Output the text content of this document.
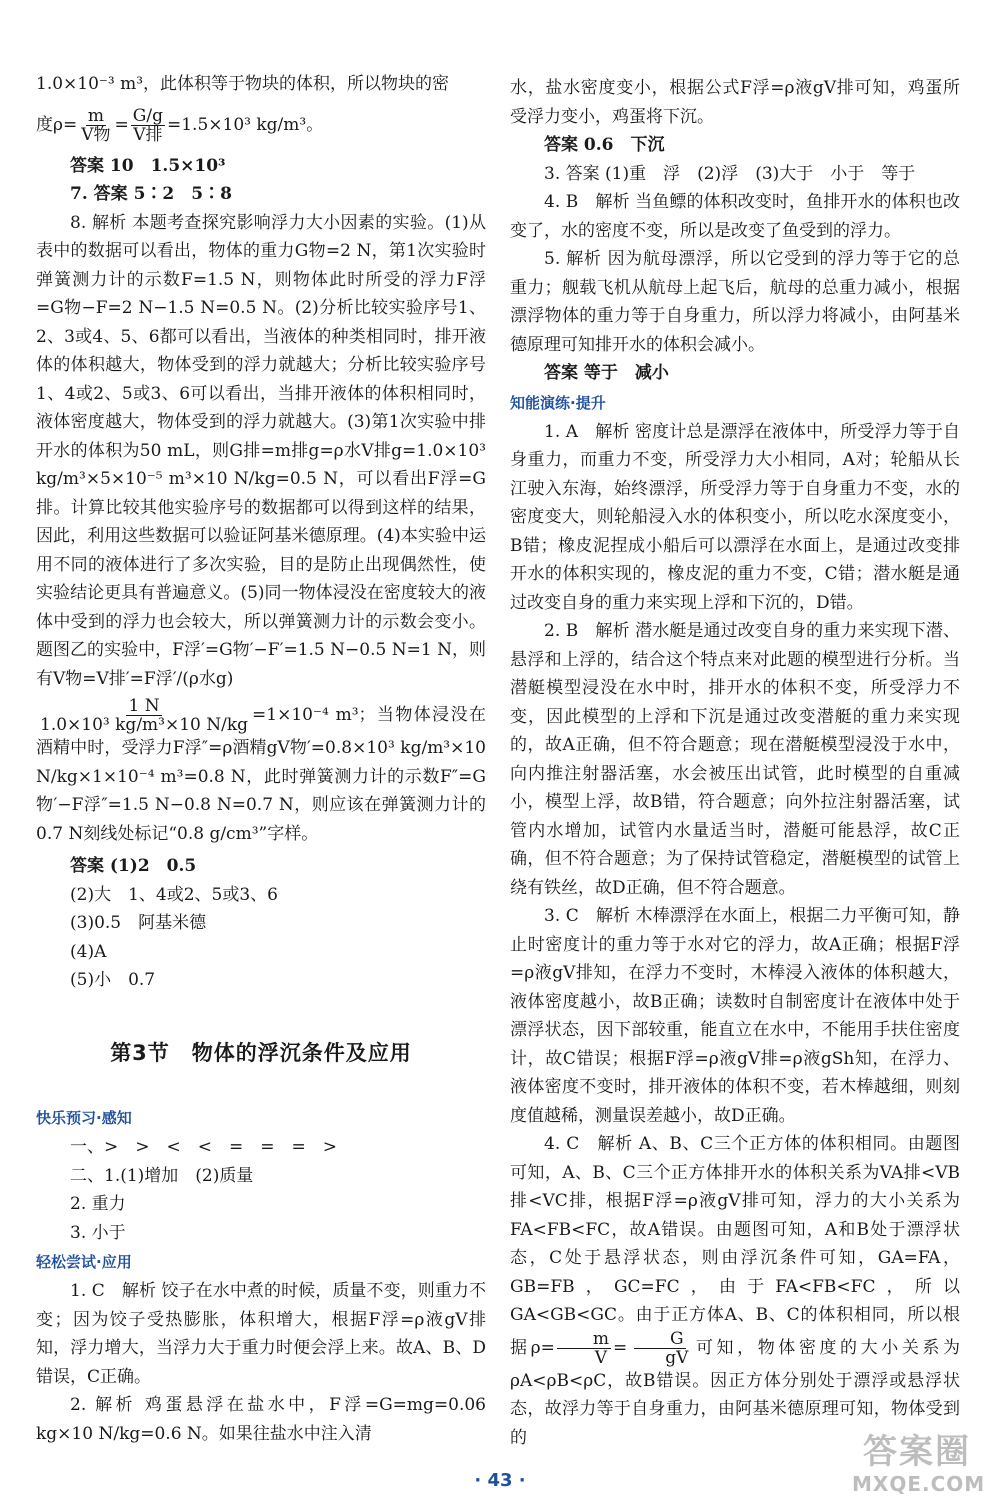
1.0×10⁻³ m³，此体积等于物块的体积，所以物块的密

度$\rho= \frac{m}{\text{V物}} = \frac{G/g}{\text{V排}} =1.5\times 10^3$ kg/m³。

答案 10　1.5×10³

7. 答案 5∶2　5∶8

8. 解析 本题考查探究影响浮力大小因素的实验。(1)从表中的数据可以看出，物体的重力G物=2 N，第1次实验时弹簧测力计的示数F=1.5 N，则物体此时所受的浮力F浮=G物−F=2 N−1.5 N=0.5 N。(2)分析比较实验序号1、2、3或4、5、6都可以看出，当液体的种类相同时，排开液体的体积越大，物体受到的浮力就越大；分析比较实验序号1、4或2、5或3、6可以看出，当排开液体的体积相同时，液体密度越大，物体受到的浮力就越大。(3)第1次实验中排开水的体积为50 mL，则G排=m排g=ρ水V排g=1.0×10³ kg/m³×5×10⁻⁵ m³×10 N/kg=0.5 N，可以看出F浮=G排。计算比较其他实验序号的数据都可以得到这样的结果，因此，利用这些数据可以验证阿基米德原理。(4)本实验中运用不同的液体进行了多次实验，目的是防止出现偶然性，使实验结论更具有普遍意义。(5)同一物体浸没在密度较大的液体中受到的浮力也会较大，所以弹簧测力计的示数会变小。题图乙的实验中，F浮′=G物′−F′=1.5 N−0.5 N=1 N，则有V物=V排′=F浮′/(ρ水g)

$\frac{1 N}{\text{1.0×10³ kg/m³×10 N/kg}} =1\times 10^{-4}$ m³；当物体浸没在酒精中时，受浮力F浮″=ρ酒精gV物′=0.8×10³ kg/m³×10 N/kg×1×10⁻⁴ m³=0.8 N，此时弹簧测力计的示数F″=G物′−F浮″=1.5 N−0.8 N=0.7 N，则应该在弹簧测力计的0.7 N刻线处标记“0.8 g/cm³”字样。

答案 (1)2　0.5

(2)大　1、4或2、5或3、6

(3)0.5　阿基米德

(4)A

(5)小　0.7

第3节　物体的浮沉条件及应用

快乐预习·感知

一、>　>　<　<　=　=　=　>

二、1.(1)增加　(2)质量

2. 重力

3. 小于

轻松尝试·应用

1. C　解析 饺子在水中煮的时候，质量不变，则重力不变；因为饺子受热膨胀，体积增大，根据F浮=ρ液gV排知，浮力增大，当浮力大于重力时便会浮上来。故A、B、D错误，C正确。

2. 解析 鸡蛋悬浮在盐水中，F浮=G=mg=0.06 kg×10 N/kg=0.6 N。如果往盐水中注入清

水，盐水密度变小，根据公式F浮=ρ液gV排可知，鸡蛋所受浮力变小，鸡蛋将下沉。

答案 0.6　下沉

3. 答案 (1)重　浮　(2)浮　(3)大于　小于　等于

4. B　解析 当鱼鳔的体积改变时，鱼排开水的体积也改变了，水的密度不变，所以是改变了鱼受到的浮力。

5. 解析 因为航母漂浮，所以它受到的浮力等于它的总重力；舰载飞机从航母上起飞后，航母的总重力减小，根据漂浮物体的重力等于自身重力，所以浮力将减小，由阿基米德原理可知排开水的体积会减小。

答案 等于　减小

知能演练·提升

1. A　解析 密度计总是漂浮在液体中，所受浮力等于自身重力，而重力不变，所受浮力大小相同，A对；轮船从长江驶入东海，始终漂浮，所受浮力等于自身重力不变，水的密度变大，则轮船浸入水的体积变小，所以吃水深度变小，B错；橡皮泥捏成小船后可以漂浮在水面上，是通过改变排开水的体积实现的，橡皮泥的重力不变，C错；潜水艇是通过改变自身的重力来实现上浮和下沉的，D错。

2. B　解析 潜水艇是通过改变自身的重力来实现下潜、悬浮和上浮的，结合这个特点来对此题的模型进行分析。当潜艇模型浸没在水中时，排开水的体积不变，所受浮力不变，因此模型的上浮和下沉是通过改变潜艇的重力来实现的，故A正确，但不符合题意；现在潜艇模型浸没于水中，向内推注射器活塞，水会被压出试管，此时模型的自重减小，模型上浮，故B错，符合题意；向外拉注射器活塞，试管内水增加，试管内水量适当时，潜艇可能悬浮，故C正确，但不符合题意；为了保持试管稳定，潜艇模型的试管上绕有铁丝，故D正确，但不符合题意。

3. C　解析 木棒漂浮在水面上，根据二力平衡可知，静止时密度计的重力等于水对它的浮力，故A正确；根据F浮=ρ液gV排知，在浮力不变时，木棒浸入液体的体积越大，液体密度越小，故B正确；读数时自制密度计在液体中处于漂浮状态，因下部较重，能直立在水中，不能用手扶住密度计，故C错误；根据F浮=ρ液gV排=ρ液gSh知，在浮力、液体密度不变时，排开液体的体积不变，若木棒越细，则刻度值越稀，测量误差越小，故D正确。

4. C　解析 A、B、C三个正方体的体积相同。由题图可知，A、B、C三个正方体排开水的体积关系为VA排<VB排<VC排，根据F浮=ρ液gV排可知，浮力的大小关系为FA<FB<FC，故A错误。由题图可知，A和B处于漂浮状态，C处于悬浮状态，则由浮沉条件可知，GA=FA，GB=FB，GC=FC，由于FA<FB<FC，所以GA<GB<GC。由于正方体A、B、C的体积相同，所以根据$\rho= \frac{m}{V} = \frac{G}{gV}$ 可知，物体密度的大小关系为ρA<ρB<ρC，故B错误。因正方体分别处于漂浮或悬浮状态，故浮力等于自身重力，由阿基米德原理可知，物体受到的

· 43 ·
答案圈
MXQE.COM
